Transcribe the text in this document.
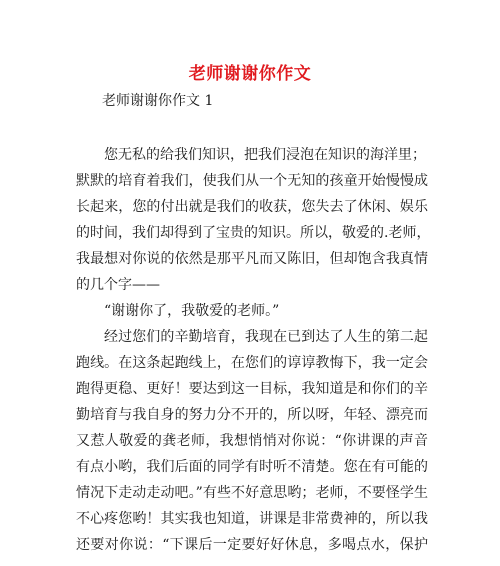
老师谢谢你作文

老师谢谢你作文 1

您无私的给我们知识，把我们浸泡在知识的海洋里；
默默的培育着我们，使我们从一个无知的孩童开始慢慢成
长起来，您的付出就是我们的收获，您失去了休闲、娱乐
的时间，我们却得到了宝贵的知识。所以，敬爱的.老师，
我最想对你说的依然是那平凡而又陈旧，但却饱含我真情
的几个字——
“谢谢你了，我敬爱的老师。”
经过您们的辛勤培育，我现在已到达了人生的第二起
跑线。在这条起跑线上，在您们的谆谆教悔下，我一定会
跑得更稳、更好！要达到这一目标，我知道是和你们的辛
勤培育与我自身的努力分不开的，所以呀，年轻、漂亮而
又惹人敬爱的龚老师，我想悄悄对你说：“你讲课的声音
有点小哟，我们后面的同学有时听不清楚。您在有可能的
情况下走动走动吧。”有些不好意思哟；老师，不要怪学生
不心疼您哟！其实我也知道，讲课是非常费神的，所以我
还要对你说：“下课后一定要好好休息，多喝点水，保护
